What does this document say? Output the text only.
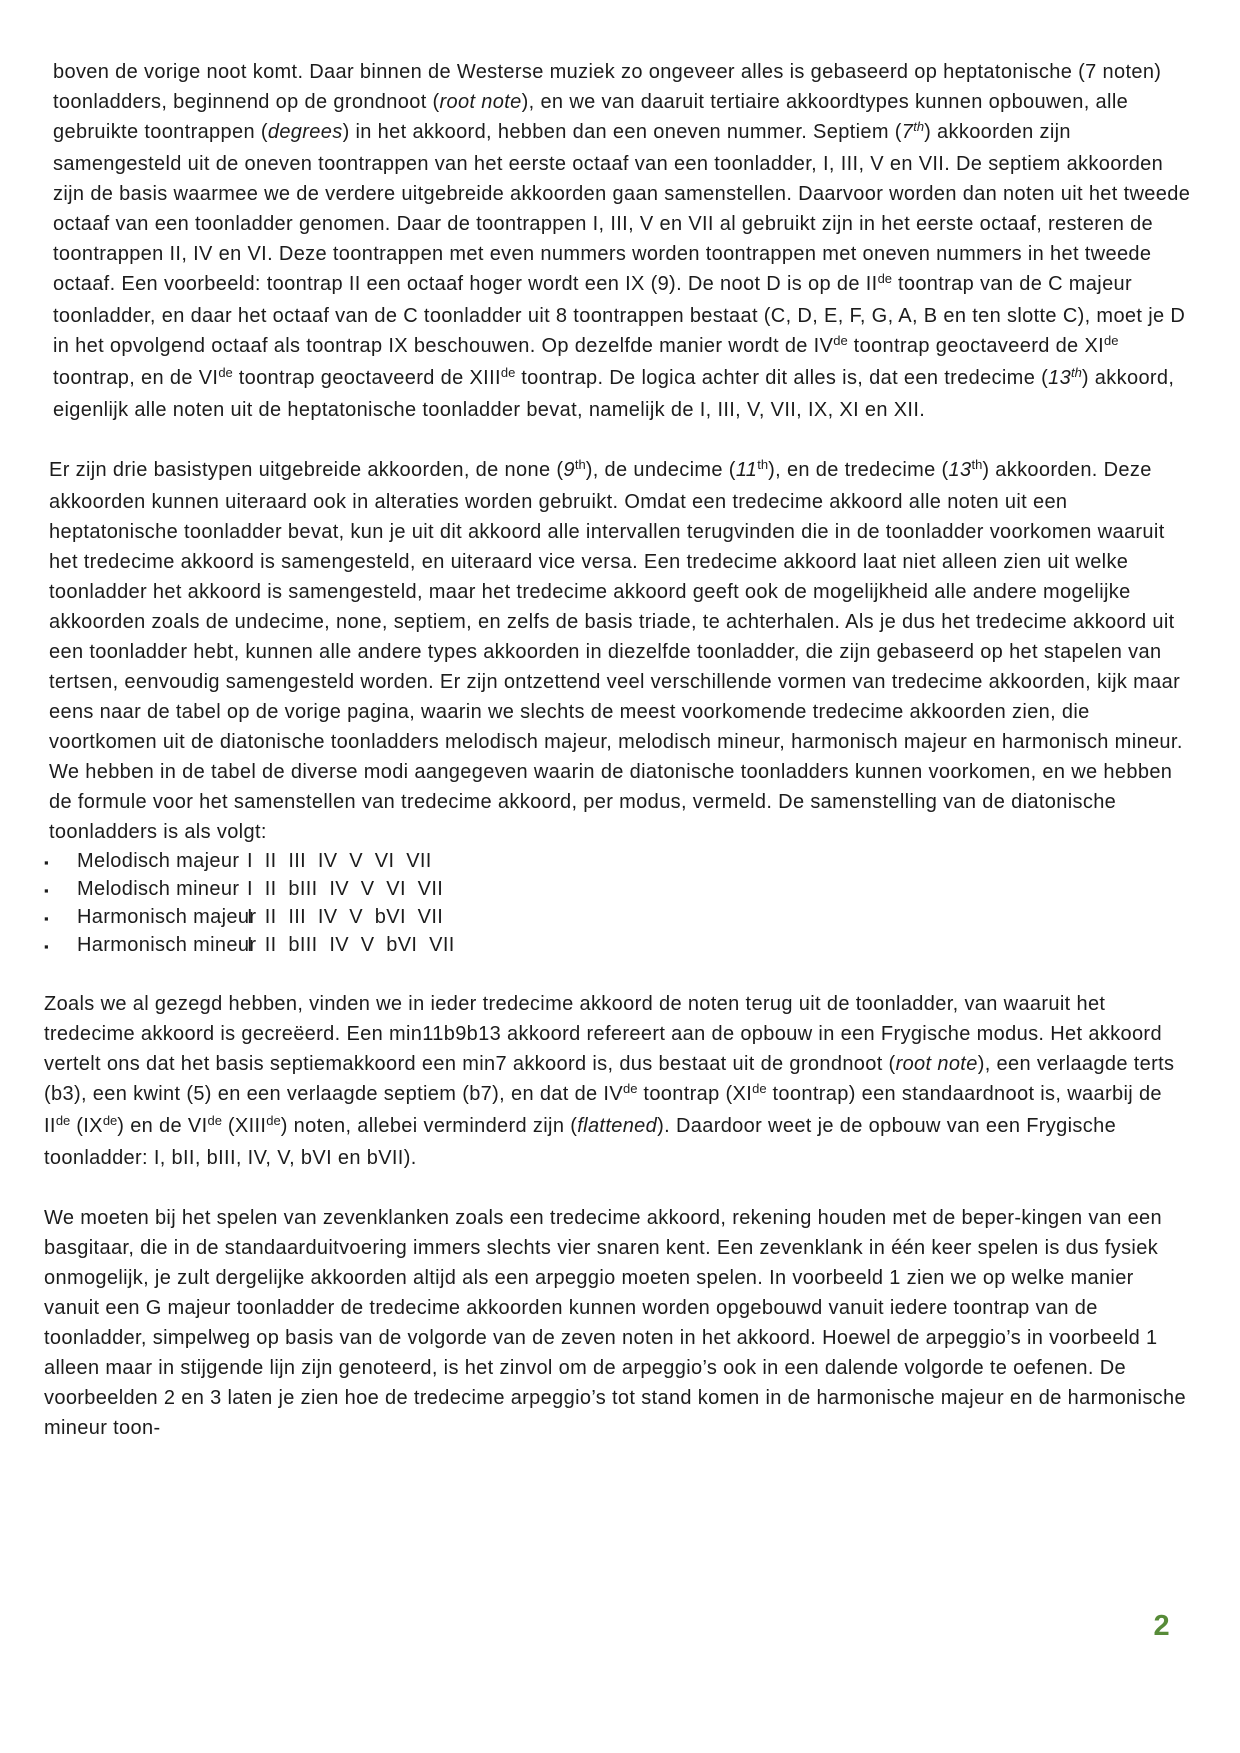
boven de vorige noot komt. Daar binnen de Westerse muziek zo ongeveer alles is gebaseerd op heptatonische (7 noten) toonladders, beginnend op de grondnoot (root note), en we van daaruit tertiaire akkoordtypes kunnen opbouwen, alle gebruikte toontrappen (degrees) in het akkoord, hebben dan een oneven nummer. Septiem (7th) akkoorden zijn samengesteld uit de oneven toontrappen van het eerste octaaf van een toonladder, I, III, V en VII. De septiem akkoorden zijn de basis waarmee we de verdere uitgebreide akkoorden gaan samenstellen. Daarvoor worden dan noten uit het tweede octaaf van een toonladder genomen. Daar de toontrappen I, III, V en VII al gebruikt zijn in het eerste octaaf, resteren de toontrappen II, IV en VI. Deze toontrappen met even nummers worden toontrappen met oneven nummers in het tweede octaaf. Een voorbeeld: toontrap II een octaaf hoger wordt een IX (9). De noot D is op de IIde toontrap van de C majeur toonladder, en daar het octaaf van de C toonladder uit 8 toontrappen bestaat (C, D, E, F, G, A, B en ten slotte C), moet je D in het opvolgend octaaf als toontrap IX beschouwen. Op dezelfde manier wordt de IVde toontrap geoctaveerd de XIde toontrap, en de VIde toontrap geoctaveerd de XIIIde toontrap. De logica achter dit alles is, dat een tredecime (13th) akkoord, eigenlijk alle noten uit de heptatonische toonladder bevat, namelijk de I, III, V, VII, IX, XI en XII.

Er zijn drie basistypen uitgebreide akkoorden, de none (9th), de undecime (11th), en de tredecime (13th) akkoorden. Deze akkoorden kunnen uiteraard ook in alteraties worden gebruikt. Omdat een tredecime akkoord alle noten uit een heptatonische toonladder bevat, kun je uit dit akkoord alle intervallen terugvinden die in de toonladder voorkomen waaruit het tredecime akkoord is samengesteld, en uiteraard vice versa. Een tredecime akkoord laat niet alleen zien uit welke toonladder het akkoord is samengesteld, maar het tredecime akkoord geeft ook de mogelijkheid alle andere mogelijke akkoorden zoals de undecime, none, septiem, en zelfs de basis triade, te achterhalen. Als je dus het tredecime akkoord uit een toonladder hebt, kunnen alle andere types akkoorden in diezelfde toonladder, die zijn gebaseerd op het stapelen van tertsen, eenvoudig samengesteld worden. Er zijn ontzettend veel verschillende vormen van tredecime akkoorden, kijk maar eens naar de tabel op de vorige pagina, waarin we slechts de meest voorkomende tredecime akkoorden zien, die voortkomen uit de diatonische toonladders melodisch majeur, melodisch mineur, harmonisch majeur en harmonisch mineur. We hebben in de tabel de diverse modi aangegeven waarin de diatonische toonladders kunnen voorkomen, en we hebben de formule voor het samenstellen van tredecime akkoord, per modus, vermeld. De samenstelling van de diatonische toonladders is als volgt:

▪	Melodisch majeur I  II  III  IV  V  VI  VII
▪	Melodisch mineur I  II  bIII  IV  V  VI  VII
▪	Harmonisch majeur
I  II  III  IV  V  bVI  VII
▪	Harmonisch mineur
I  II  bIII  IV  V  bVI  VII

Zoals we al gezegd hebben, vinden we in ieder tredecime akkoord de noten terug uit de toonladder, van waaruit het tredecime akkoord is gecreëerd. Een min11b9b13 akkoord refereert aan de opbouw in een Frygische modus. Het akkoord vertelt ons dat het basis septiemakkoord een min7 akkoord is, dus bestaat uit de grondnoot (root note), een verlaagde terts (b3), een kwint (5) en een verlaagde septiem (b7), en dat de IVde toontrap (XIde toontrap) een standaardnoot is, waarbij de IIde (IXde) en de VIde (XIIIde) noten, allebei verminderd zijn (flattened). Daardoor weet je de opbouw van een Frygische toonladder: I, bII, bIII, IV, V, bVI en bVII).

We moeten bij het spelen van zevenklanken zoals een tredecime akkoord, rekening houden met de beper-kingen van een basgitaar, die in de standaarduitvoering immers slechts vier snaren kent. Een zevenklank in één keer spelen is dus fysiek onmogelijk, je zult dergelijke akkoorden altijd als een arpeggio moeten spelen. In voorbeeld 1 zien we op welke manier vanuit een G majeur toonladder de tredecime akkoorden kunnen worden opgebouwd vanuit iedere toontrap van de toonladder, simpelweg op basis van de volgorde van de zeven noten in het akkoord. Hoewel de arpeggio’s in voorbeeld 1 alleen maar in stijgende lijn zijn genoteerd, is het zinvol om de arpeggio’s ook in een dalende volgorde te oefenen. De voorbeelden 2 en 3 laten je zien hoe de tredecime arpeggio’s tot stand komen in de harmonische majeur en de harmonische mineur toon-

2
